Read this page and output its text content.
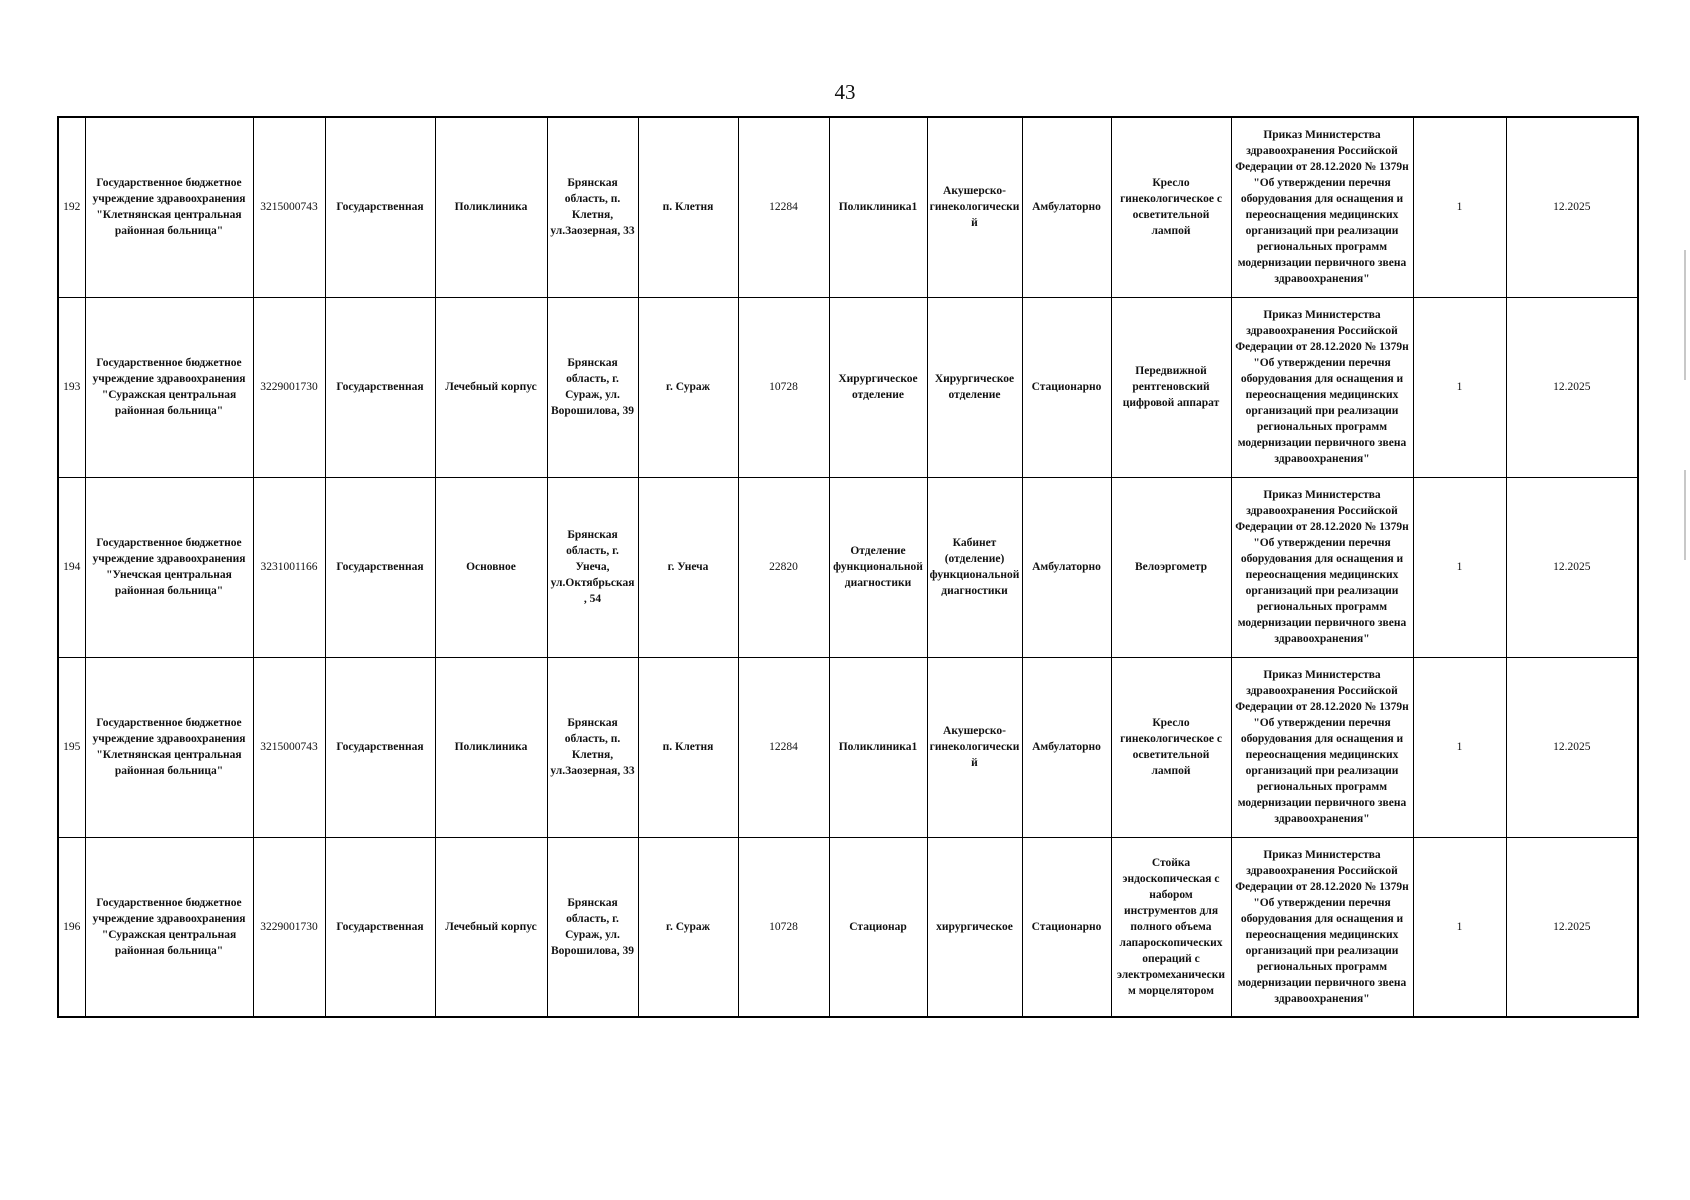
43
192	Государственное бюджетное учреждение здравоохранения "Клетнянская центральная районная больница"	3215000743	Государственная	Поликлиника	Брянская область, п. Клетня, ул.Заозерная, 33	п. Клетня	12284	Поликлиника1	Акушерско-гинекологический	Амбулаторно	Кресло гинекологическое с осветительной лампой	Приказ Министерства здравоохранения Российской Федерации от 28.12.2020 № 1379н "Об утверждении перечня оборудования для оснащения и переоснащения медицинских организаций при реализации региональных программ модернизации первичного звена здравоохранения"	1	12.2025
193	Государственное бюджетное учреждение здравоохранения "Суражская центральная районная больница"	3229001730	Государственная	Лечебный корпус	Брянская область, г. Сураж, ул. Ворошилова, 39	г. Сураж	10728	Хирургическое отделение	Хирургическое отделение	Стационарно	Передвижной рентгеновский цифровой аппарат	Приказ Министерства здравоохранения Российской Федерации от 28.12.2020 № 1379н "Об утверждении перечня оборудования для оснащения и переоснащения медицинских организаций при реализации региональных программ модернизации первичного звена здравоохранения"	1	12.2025
194	Государственное бюджетное учреждение здравоохранения "Унечская центральная районная больница"	3231001166	Государственная	Основное	Брянская область, г. Унеча, ул.Октябрьская, 54	г. Унеча	22820	Отделение функциональной диагностики	Кабинет (отделение) функциональной диагностики	Амбулаторно	Велоэргометр	Приказ Министерства здравоохранения Российской Федерации от 28.12.2020 № 1379н "Об утверждении перечня оборудования для оснащения и переоснащения медицинских организаций при реализации региональных программ модернизации первичного звена здравоохранения"	1	12.2025
195	Государственное бюджетное учреждение здравоохранения "Клетнянская центральная районная больница"	3215000743	Государственная	Поликлиника	Брянская область, п. Клетня, ул.Заозерная, 33	п. Клетня	12284	Поликлиника1	Акушерско-гинекологический	Амбулаторно	Кресло гинекологическое с осветительной лампой	Приказ Министерства здравоохранения Российской Федерации от 28.12.2020 № 1379н "Об утверждении перечня оборудования для оснащения и переоснащения медицинских организаций при реализации региональных программ модернизации первичного звена здравоохранения"	1	12.2025
196	Государственное бюджетное учреждение здравоохранения "Суражская центральная районная больница"	3229001730	Государственная	Лечебный корпус	Брянская область, г. Сураж, ул. Ворошилова, 39	г. Сураж	10728	Стационар	хирургическое	Стационарно	Стойка эндоскопическая с набором инструментов для полного объема лапароскопических операций с электромеханическим морцелятором	Приказ Министерства здравоохранения Российской Федерации от 28.12.2020 № 1379н "Об утверждении перечня оборудования для оснащения и переоснащения медицинских организаций при реализации региональных программ модернизации первичного звена здравоохранения"	1	12.2025
